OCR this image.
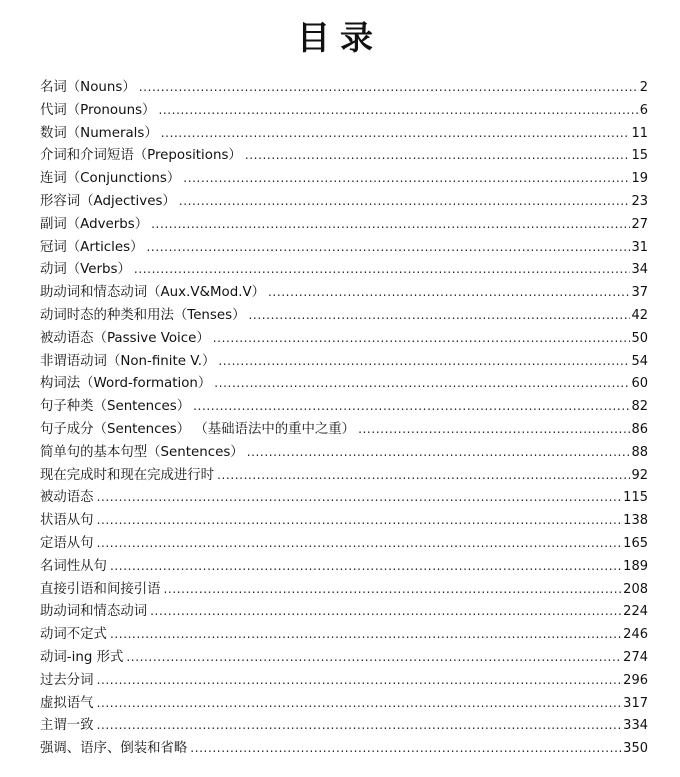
目录
名词（Nouns） .....	2
代词（Pronouns） .....	6
数词（Numerals） .....	11
介词和介词短语（Prepositions） .....	15
连词（Conjunctions） .....	19
形容词（Adjectives） .....	23
副词（Adverbs） .....	27
冠词（Articles） .....	31
动词（Verbs） .....	34
助动词和情态动词（Aux.V&Mod.V） .....	37
动词时态的种类和用法（Tenses） .....	42
被动语态（Passive Voice） .....	50
非谓语动词（Non-finite V.） .....	54
构词法（Word-formation） .....	60
句子种类（Sentences） .....	82
句子成分（Sentences） （基础语法中的重中之重） .....	86
简单句的基本句型（Sentences） .....	88
现在完成时和现在完成进行时 .....	92
被动语态 .....	115
状语从句 .....	138
定语从句 .....	165
名词性从句 .....	189
直接引语和间接引语 .....	208
助动词和情态动词 .....	224
动词不定式 .....	246
动词-ing 形式 .....	274
过去分词 .....	296
虚拟语气 .....	317
主谓一致 .....	334
强调、语序、倒装和省略 .....	350
